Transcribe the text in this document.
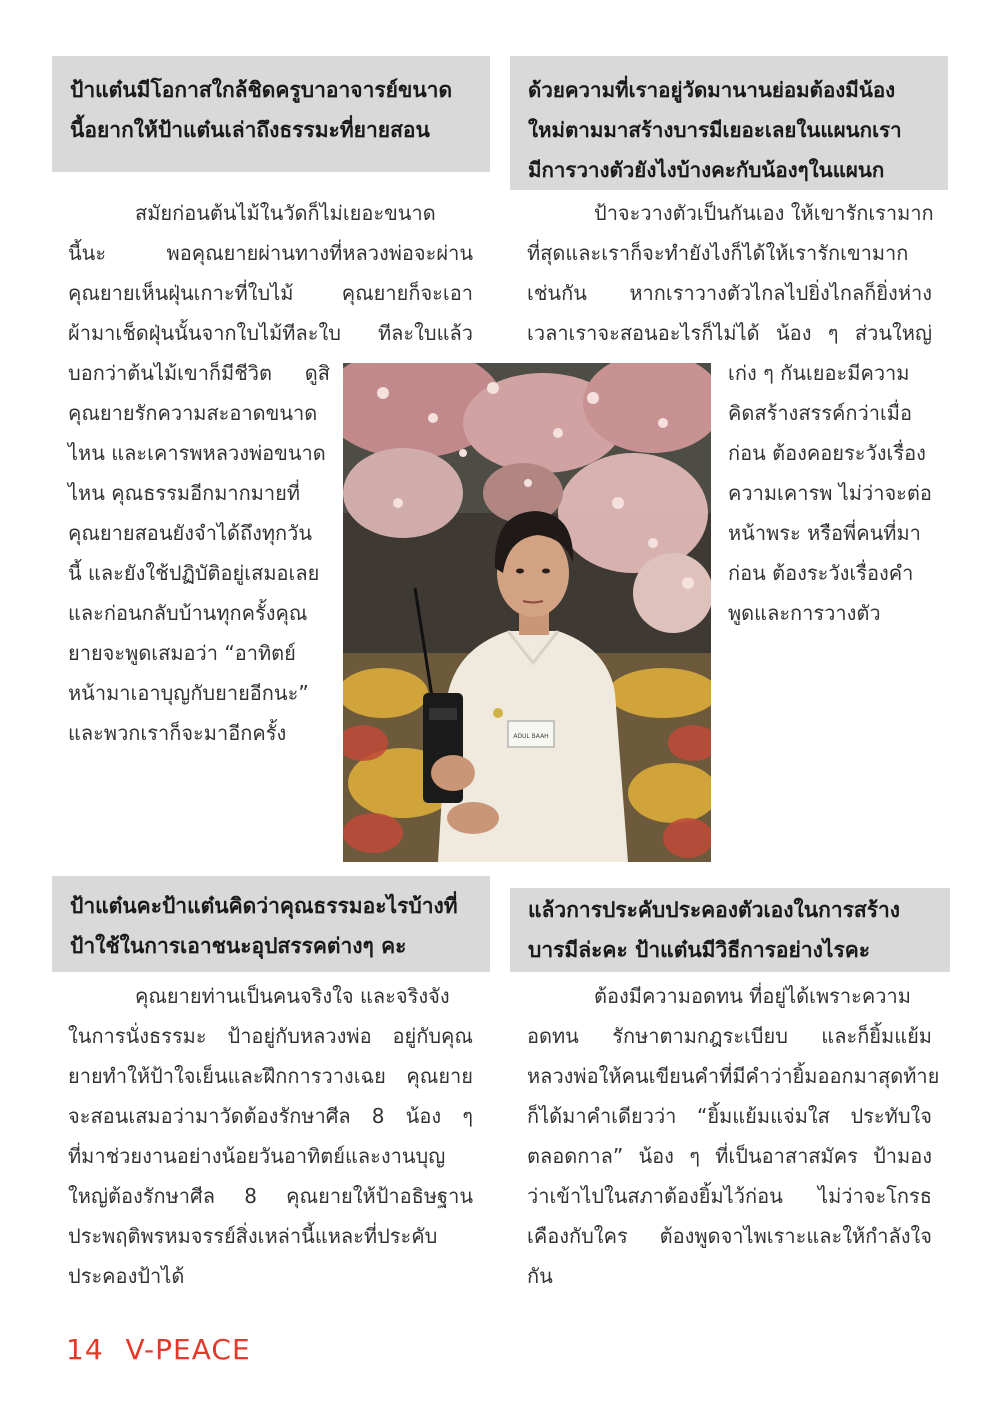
ป้าแต๋นมีโอกาสใกล้ชิดครูบาอาจารย์ขนาด
นี้อยากให้ป้าแต๋นเล่าถึงธรรมะที่ยายสอน
ด้วยความที่เราอยู่วัดมานานย่อมต้องมีน้อง
ใหม่ตามมาสร้างบารมีเยอะเลยในแผนกเรา
มีการวางตัวยังไงบ้างคะกับน้องๆในแผนก
ป้าแต๋นคะป้าแต๋นคิดว่าคุณธรรมอะไรบ้างที่
ป้าใช้ในการเอาชนะอุปสรรคต่างๆ คะ
แล้วการประคับประคองตัวเองในการสร้าง
บารมีล่ะคะ ป้าแต๋นมีวิธีการอย่างไรคะ
สมัยก่อนต้นไม้ในวัดก็ไม่เยอะขนาด
นี้นะ พอคุณยายผ่านทางที่หลวงพ่อจะผ่าน
คุณยายเห็นฝุ่นเกาะที่ใบไม้ คุณยายก็จะเอา
ผ้ามาเช็ดฝุ่นนั้นจากใบไม้ทีละใบ ทีละใบแล้ว
บอกว่าต้นไม้เขาก็มีชีวิต ดูสิ
คุณยายรักความสะอาดขนาด
ไหน และเคารพหลวงพ่อขนาด
ไหน คุณธรรมอีกมากมายที่
คุณยายสอนยังจำได้ถึงทุกวัน
นี้ และยังใช้ปฏิบัติอยู่เสมอเลย
และก่อนกลับบ้านทุกครั้งคุณ
ยายจะพูดเสมอว่า “อาทิตย์
หน้ามาเอาบุญกับยายอีกนะ”
และพวกเราก็จะมาอีกครั้ง
ป้าจะวางตัวเป็นกันเอง ให้เขารักเรามาก
ที่สุดและเราก็จะทำยังไงก็ได้ให้เรารักเขามาก
เช่นกัน หากเราวางตัวไกลไปยิ่งไกลก็ยิ่งห่าง
เวลาเราจะสอนอะไรก็ไม่ได้ น้อง ๆ ส่วนใหญ่
เก่ง ๆ กันเยอะมีความ
คิดสร้างสรรค์กว่าเมื่อ
ก่อน ต้องคอยระวังเรื่อง
ความเคารพ ไม่ว่าจะต่อ
หน้าพระ หรือพี่คนที่มา
ก่อน ต้องระวังเรื่องคำ
พูดและการวางตัว
ADUL BAAH
คุณยายท่านเป็นคนจริงใจ และจริงจัง
ในการนั่งธรรมะ ป้าอยู่กับหลวงพ่อ อยู่กับคุณ
ยายทำให้ป้าใจเย็นและฝึกการวางเฉย คุณยาย
จะสอนเสมอว่ามาวัดต้องรักษาศีล 8 น้อง ๆ
ที่มาช่วยงานอย่างน้อยวันอาทิตย์และงานบุญ
ใหญ่ต้องรักษาศีล 8 คุณยายให้ป้าอธิษฐาน
ประพฤติพรหมจรรย์สิ่งเหล่านี้แหละที่ประคับ
ประคองป้าได้
ต้องมีความอดทน ที่อยู่ได้เพราะความ
อดทน รักษาตามกฎระเบียบ และก็ยิ้มแย้ม
หลวงพ่อให้คนเขียนคำที่มีคำว่ายิ้มออกมาสุดท้าย
ก็ได้มาคำเดียวว่า “ยิ้มแย้มแจ่มใส ประทับใจ
ตลอดกาล” น้อง ๆ ที่เป็นอาสาสมัคร ป้ามอง
ว่าเข้าไปในสภาต้องยิ้มไว้ก่อน ไม่ว่าจะโกรธ
เคืองกับใคร ต้องพูดจาไพเราะและให้กำลังใจ
กัน
14 V-PEACE
